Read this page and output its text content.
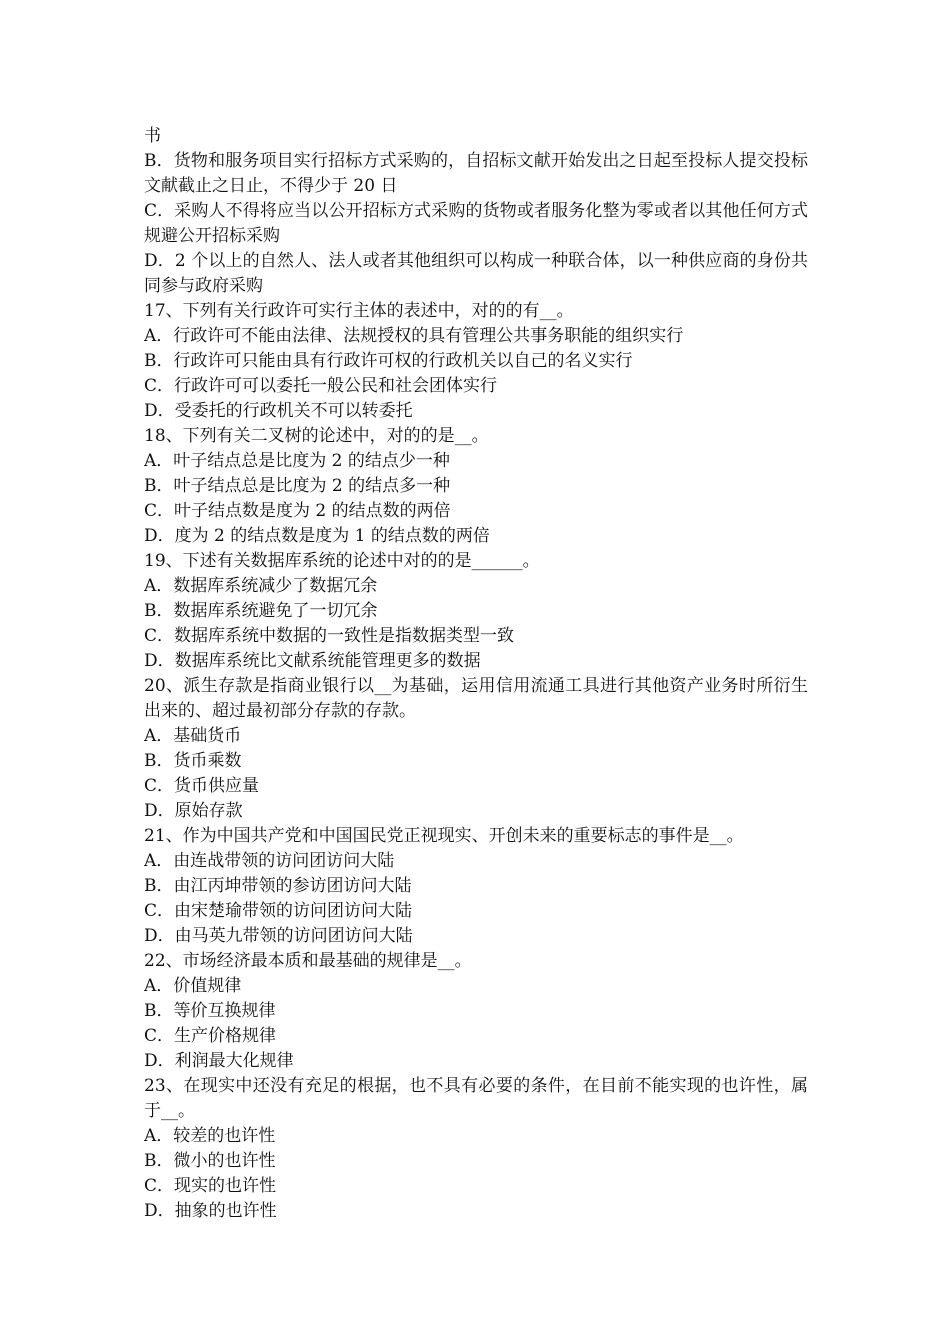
书
B．货物和服务项目实行招标方式采购的，自招标文献开始发出之日起至投标人提交投标文献截止之日止，不得少于 20 日
C．采购人不得将应当以公开招标方式采购的货物或者服务化整为零或者以其他任何方式规避公开招标采购
D．2 个以上的自然人、法人或者其他组织可以构成一种联合体，以一种供应商的身份共同参与政府采购
17、下列有关行政许可实行主体的表述中，对的的有__。
A．行政许可不能由法律、法规授权的具有管理公共事务职能的组织实行
B．行政许可只能由具有行政许可权的行政机关以自己的名义实行
C．行政许可可以委托一般公民和社会团体实行
D．受委托的行政机关不可以转委托
18、下列有关二叉树的论述中，对的的是__。
A．叶子结点总是比度为 2 的结点少一种
B．叶子结点总是比度为 2 的结点多一种
C．叶子结点数是度为 2 的结点数的两倍
D．度为 2 的结点数是度为 1 的结点数的两倍
19、下述有关数据库系统的论述中对的的是______。
A．数据库系统减少了数据冗余
B．数据库系统避免了一切冗余
C．数据库系统中数据的一致性是指数据类型一致
D．数据库系统比文献系统能管理更多的数据
20、派生存款是指商业银行以__为基础，运用信用流通工具进行其他资产业务时所衍生出来的、超过最初部分存款的存款。
A．基础货币
B．货币乘数
C．货币供应量
D．原始存款
21、作为中国共产党和中国国民党正视现实、开创未来的重要标志的事件是__。
A．由连战带领的访问团访问大陆
B．由江丙坤带领的参访团访问大陆
C．由宋楚瑜带领的访问团访问大陆
D．由马英九带领的访问团访问大陆
22、市场经济最本质和最基础的规律是__。
A．价值规律
B．等价互换规律
C．生产价格规律
D．利润最大化规律
23、在现实中还没有充足的根据，也不具有必要的条件，在目前不能实现的也许性，属于__。
A．较差的也许性
B．微小的也许性
C．现实的也许性
D．抽象的也许性
